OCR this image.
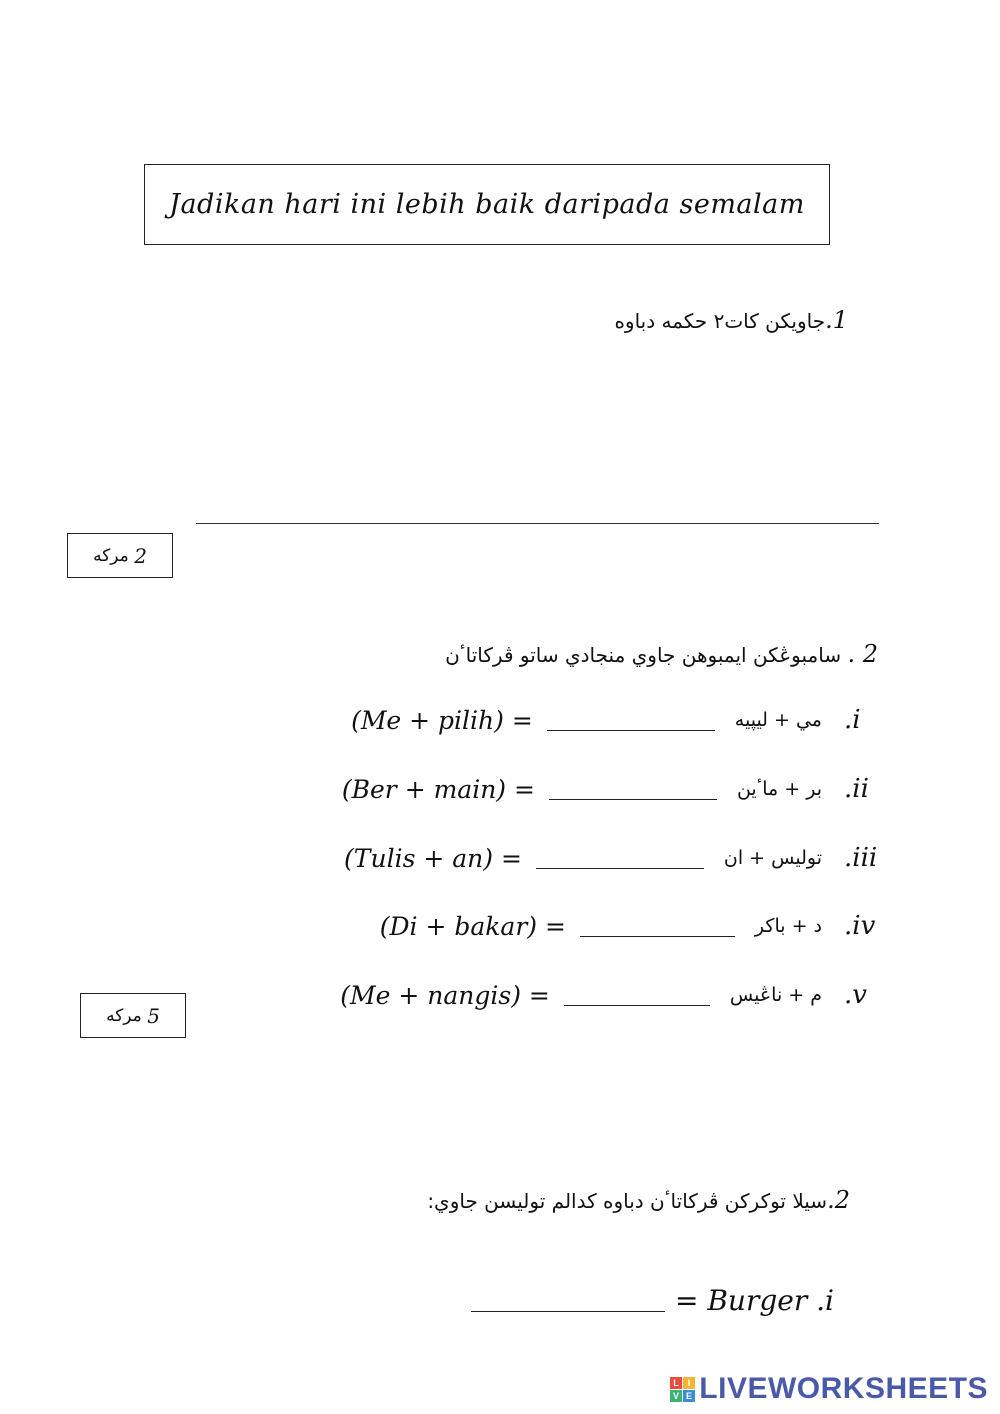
Jadikan hari ini lebih baik daripada semalam
1.جاويكن كات٢ حكمه دباوه
2

مركه
2 . سامبوڠكن ايمبوهن جاوي منجادي ساتو ڤركاتاٴن
.i
مي + ليپيه
(Me + pilih) =
.ii
بر + ماٴين
(Ber + main) =
.iii
توليس + ان
(Tulis + an) =
.iv
د + باكر
(Di + bakar) =
.v
م + ناڠيس
(Me + nangis) =
5

مركه
2.سيلا توكركن ڤركاتاٴن دباوه كدالم توليسن جاوي:
=
Burger
.i
L I
V E LIVEWORKSHEETS
